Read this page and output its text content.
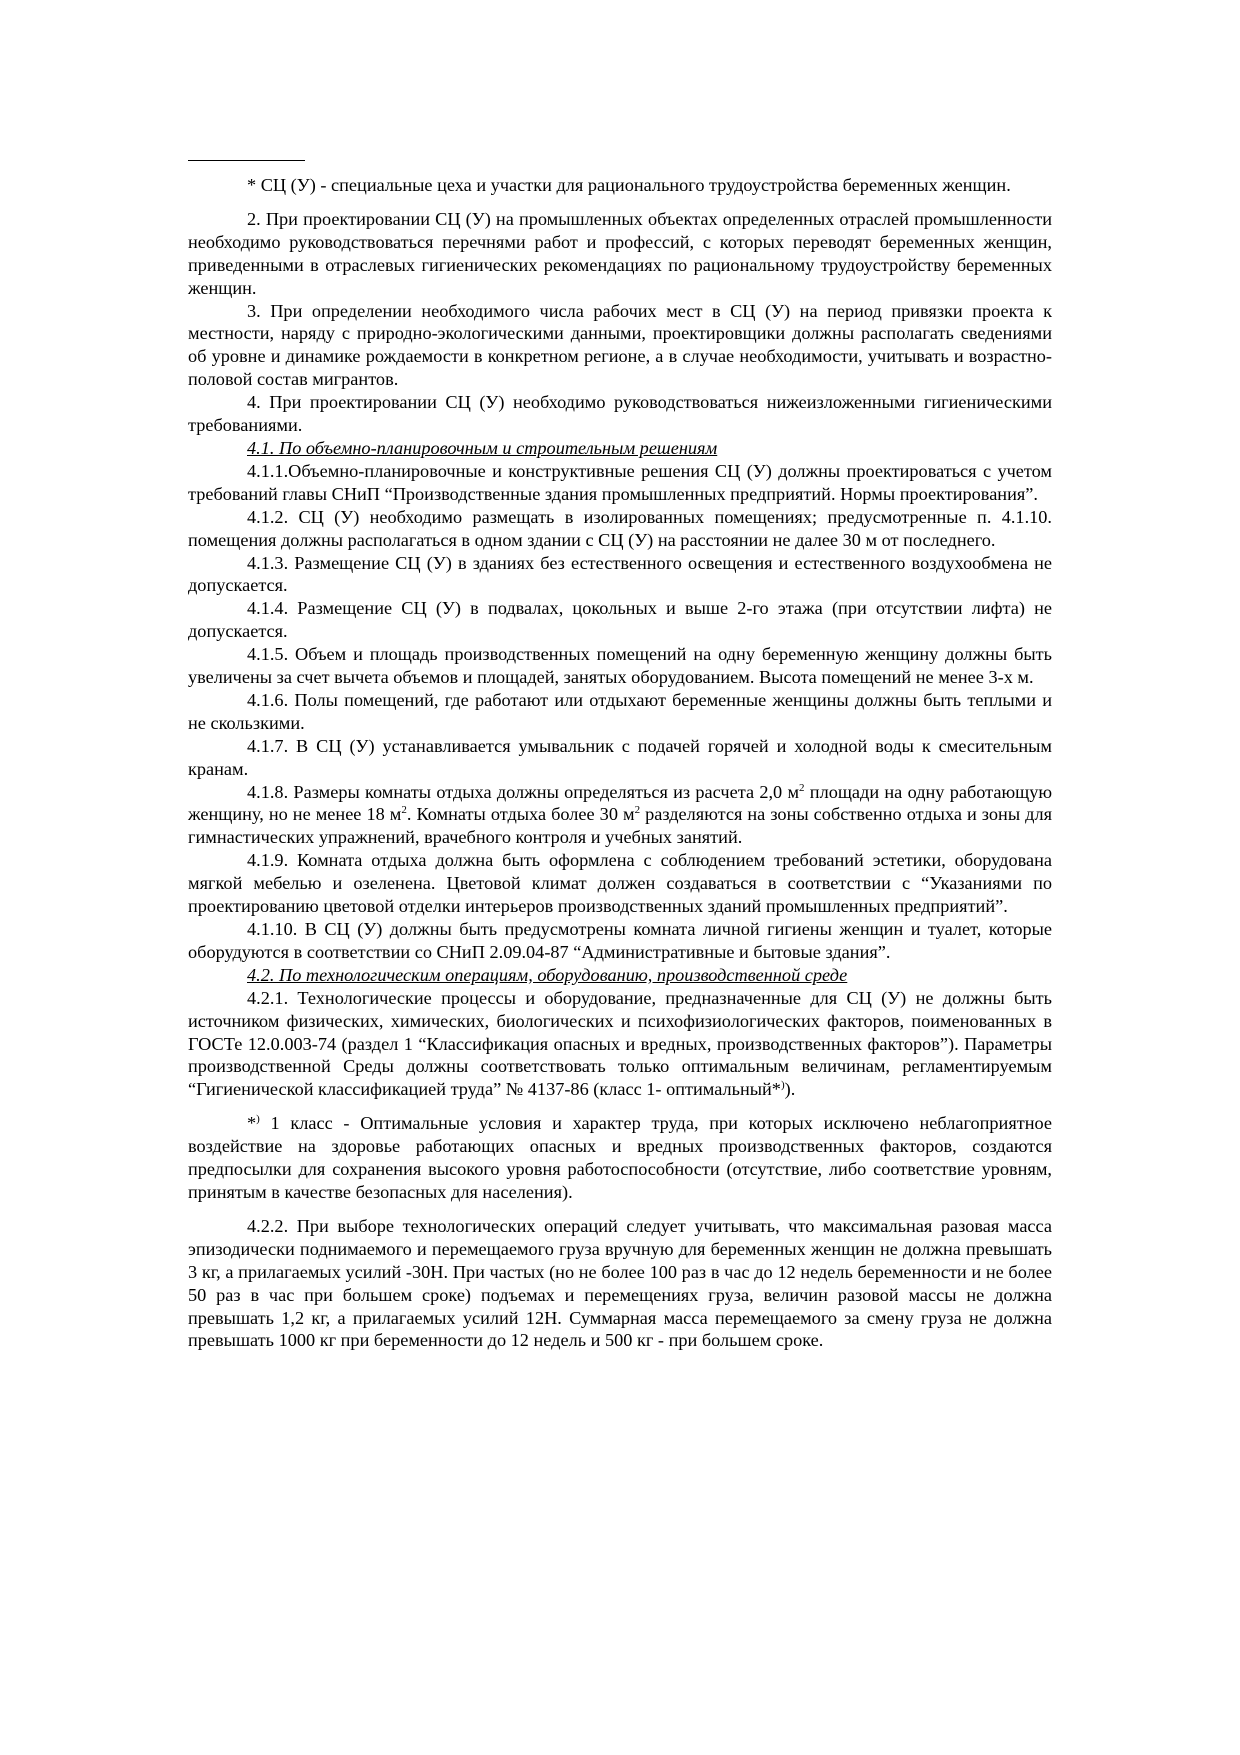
* СЦ (У) - специальные цеха и участки для рационального трудоустройства беременных женщин.

2. При проектировании СЦ (У) на промышленных объектах определенных отраслей промышленности необходимо руководствоваться перечнями работ и профессий, с которых переводят беременных женщин, приведенными в отраслевых гигиенических рекомендациях по рациональному трудоустройству беременных женщин.

3. При определении необходимого числа рабочих мест в СЦ (У) на период привязки проекта к местности, наряду с природно-экологическими данными, проектировщики должны располагать сведениями об уровне и динамике рождаемости в конкретном регионе, а в случае необходимости, учитывать и возрастно-половой состав мигрантов.

4. При проектировании СЦ (У) необходимо руководствоваться нижеизложенными гигиеническими требованиями.

4.1. По объемно-планировочным и строительным решениям

4.1.1.Объемно-планировочные и конструктивные решения СЦ (У) должны проектироваться с учетом требований главы СНиП “Производственные здания промышленных предприятий. Нормы проектирования”.

4.1.2. СЦ (У) необходимо размещать в изолированных помещениях; предусмотренные п. 4.1.10. помещения должны располагаться в одном здании с СЦ (У) на расстоянии не далее 30 м от последнего.

4.1.3. Размещение СЦ (У) в зданиях без естественного освещения и естественного воздухообмена не допускается.

4.1.4. Размещение СЦ (У) в подвалах, цокольных и выше 2-го этажа (при отсутствии лифта) не допускается.

4.1.5. Объем и площадь производственных помещений на одну беременную женщину должны быть увеличены за счет вычета объемов и площадей, занятых оборудованием. Высота помещений не менее 3-х м.

4.1.6. Полы помещений, где работают или отдыхают беременные женщины должны быть теплыми и не скользкими.

4.1.7. В СЦ (У) устанавливается умывальник с подачей горячей и холодной воды к смесительным кранам.

4.1.8. Размеры комнаты отдыха должны определяться из расчета 2,0 $м^2$ площади на одну работающую женщину, но не менее 18 $м^2$. Комнаты отдыха более 30 $м^2$ разделяются на зоны собственно отдыха и зоны для гимнастических упражнений, врачебного контроля и учебных занятий.

4.1.9. Комната отдыха должна быть оформлена с соблюдением требований эстетики, оборудована мягкой мебелью и озеленена. Цветовой климат должен создаваться в соответствии с “Указаниями по проектированию цветовой отделки интерьеров производственных зданий промышленных предприятий”.

4.1.10. В СЦ (У) должны быть предусмотрены комната личной гигиены женщин и туалет, которые оборудуются в соответствии со СНиП 2.09.04-87 “Административные и бытовые здания”.

4.2. По технологическим операциям, оборудованию, производственной среде

4.2.1. Технологические процессы и оборудование, предназначенные для СЦ (У) не должны быть источником физических, химических, биологических и психофизиологических факторов, поименованных в ГОСТе 12.0.003-74 (раздел 1 “Классификация опасных и вредных, производственных факторов”). Параметры производственной Среды должны соответствовать только оптимальным величинам, регламентируемым “Гигиенической классификацией труда” № 4137-86 (класс 1- оптимальный*)).

*) 1 класс - Оптимальные условия и характер труда, при которых исключено неблагоприятное воздействие на здоровье работающих опасных и вредных производственных факторов, создаются предпосылки для сохранения высокого уровня работоспособности (отсутствие, либо соответствие уровням, принятым в качестве безопасных для населения).

4.2.2. При выборе технологических операций следует учитывать, что максимальная разовая масса эпизодически поднимаемого и перемещаемого груза вручную для беременных женщин не должна превышать 3 кг, а прилагаемых усилий -30Н. При частых (но не более 100 раз в час до 12 недель беременности и не более 50 раз в час при большем сроке) подъемах и перемещениях груза, величин разовой массы не должна превышать 1,2 кг, а прилагаемых усилий 12Н. Суммарная масса перемещаемого за смену груза не должна превышать 1000 кг при беременности до 12 недель и 500 кг - при большем сроке.
